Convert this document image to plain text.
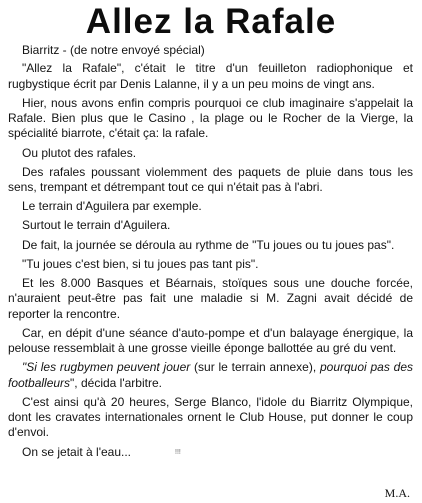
Allez la Rafale

Biarritz - (de notre envoyé spécial)

"Allez la Rafale", c'était le titre d'un feuilleton radiophonique et rugbystique écrit par Denis Lalanne, il y a un peu moins de vingt ans.

Hier, nous avons enfin compris pourquoi ce club imaginaire s'appelait la Rafale. Bien plus que le Casino , la plage ou le Rocher de la Vierge, la spécialité biarrote, c'était ça: la rafale.

Ou plutot des rafales.

Des rafales poussant violemment des paquets de pluie dans tous les sens, trempant et détrempant tout ce qui n'était pas à l'abri.

Le terrain d'Aguilera par exemple.

Surtout le terrain d'Aguilera.

De fait, la journée se déroula au rythme de "Tu joues ou tu joues pas".

"Tu joues c'est bien, si tu joues pas tant pis".

Et les 8.000 Basques et Béarnais, stoïques sous une douche forcée, n'auraient peut-être pas fait une maladie si M. Zagni avait décidé de reporter la rencontre.

Car, en dépit d'une séance d'auto-pompe et d'un balayage énergique, la pelouse ressemblait à une grosse vieille éponge ballottée au gré du vent.

"Si les rugbymen peuvent jouer (sur le terrain annexe), pourquoi pas des footballeurs", décida l'arbitre.

C'est ainsi qu'à 20 heures, Serge Blanco, l'idole du Biarritz Olympique, dont les cravates internationales ornent le Club House, put donner le coup d'envoi.

On se jetait à l'eau...	!!!

M.A.
